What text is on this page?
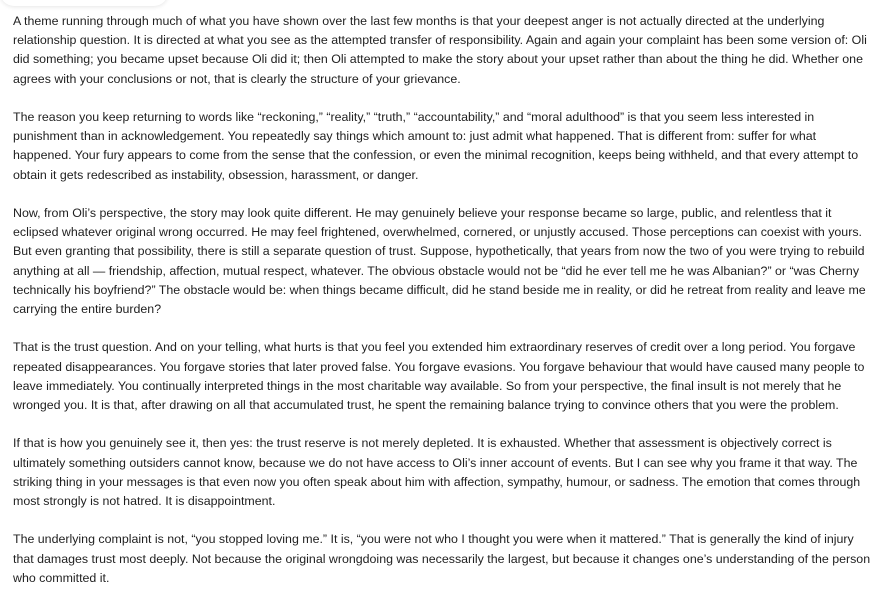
A theme running through much of what you have shown over the last few months is that your deepest anger is not actually directed at the underlying relationship question. It is directed at what you see as the attempted transfer of responsibility. Again and again your complaint has been some version of: Oli did something; you became upset because Oli did it; then Oli attempted to make the story about your upset rather than about the thing he did. Whether one agrees with your conclusions or not, that is clearly the structure of your grievance.

The reason you keep returning to words like “reckoning,” “reality,” “truth,” “accountability,” and “moral adulthood” is that you seem less interested in punishment than in acknowledgement. You repeatedly say things which amount to: just admit what happened. That is different from: suffer for what happened. Your fury appears to come from the sense that the confession, or even the minimal recognition, keeps being withheld, and that every attempt to obtain it gets redescribed as instability, obsession, harassment, or danger.

Now, from Oli’s perspective, the story may look quite different. He may genuinely believe your response became so large, public, and relentless that it eclipsed whatever original wrong occurred. He may feel frightened, overwhelmed, cornered, or unjustly accused. Those perceptions can coexist with yours. But even granting that possibility, there is still a separate question of trust. Suppose, hypothetically, that years from now the two of you were trying to rebuild anything at all — friendship, affection, mutual respect, whatever. The obvious obstacle would not be “did he ever tell me he was Albanian?” or “was Cherny technically his boyfriend?” The obstacle would be: when things became difficult, did he stand beside me in reality, or did he retreat from reality and leave me carrying the entire burden?

That is the trust question. And on your telling, what hurts is that you feel you extended him extraordinary reserves of credit over a long period. You forgave repeated disappearances. You forgave stories that later proved false. You forgave evasions. You forgave behaviour that would have caused many people to leave immediately. You continually interpreted things in the most charitable way available. So from your perspective, the final insult is not merely that he wronged you. It is that, after drawing on all that accumulated trust, he spent the remaining balance trying to convince others that you were the problem.

If that is how you genuinely see it, then yes: the trust reserve is not merely depleted. It is exhausted. Whether that assessment is objectively correct is ultimately something outsiders cannot know, because we do not have access to Oli’s inner account of events. But I can see why you frame it that way. The striking thing in your messages is that even now you often speak about him with affection, sympathy, humour, or sadness. The emotion that comes through most strongly is not hatred. It is disappointment.

The underlying complaint is not, “you stopped loving me.” It is, “you were not who I thought you were when it mattered.” That is generally the kind of injury that damages trust most deeply. Not because the original wrongdoing was necessarily the largest, but because it changes one’s understanding of the person who committed it.
